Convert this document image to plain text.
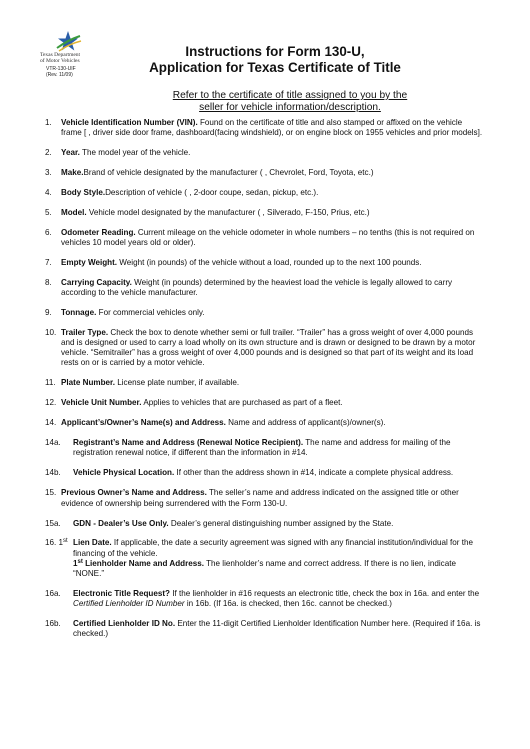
Texas Department
of Motor Vehicles
VTR-130-UIF
(Rev. 11/09)
Instructions for Form 130-U,
Application for Texas Certificate of Title
Refer to the certificate of title assigned to you by the
seller for vehicle information/description.
1.	Vehicle Identification Number (VIN). Found on the certificate of title and also stamped or affixed on the vehicle frame [ , driver side door frame, dashboard(facing windshield), or on engine block on 1955 vehicles and prior models].
2.	Year. The model year of the vehicle.
3.	Make.Brand of vehicle designated by the manufacturer ( , Chevrolet, Ford, Toyota, etc.)
4.	Body Style.Description of vehicle ( , 2-door coupe, sedan, pickup, etc.).
5.	Model. Vehicle model designated by the manufacturer ( , Silverado, F-150, Prius, etc.)
6.	Odometer Reading. Current mileage on the vehicle odometer in whole numbers – no tenths (this is not required on vehicles 10 model years old or older).
7.	Empty Weight. Weight (in pounds) of the vehicle without a load, rounded up to the next 100 pounds.
8.	Carrying Capacity. Weight (in pounds) determined by the heaviest load the vehicle is legally allowed to carry according to the vehicle manufacturer.
9.	Tonnage. For commercial vehicles only.
10. Trailer Type. Check the box to denote whether semi or full trailer. “Trailer” has a gross weight of over 4,000 pounds and is designed or used to carry a load wholly on its own structure and is drawn or designed to be drawn by a motor vehicle. “Semitrailer” has a gross weight of over 4,000 pounds and is designed so that part of its weight and its load rests on or is carried by a motor vehicle.
11. Plate Number. License plate number, if available.
12. Vehicle Unit Number. Applies to vehicles that are purchased as part of a fleet.
14. Applicant’s/Owner’s Name(s) and Address. Name and address of applicant(s)/owner(s).
14a.	Registrant’s Name and Address (Renewal Notice Recipient). The name and address for mailing of the registration renewal notice, if different than the information in #14.
14b.	Vehicle Physical Location. If other than the address shown in #14, indicate a complete physical address.
15. Previous Owner’s Name and Address. The seller’s name and address indicated on the assigned title or other evidence of ownership being surrendered with the Form 130-U.
15a.	GDN - Dealer’s Use Only. Dealer’s general distinguishing number assigned by the State.
16. 1st Lien Date. If applicable, the date a security agreement was signed with any financial institution/individual for the financing of the vehicle.
1st Lienholder Name and Address. The lienholder’s name and correct address. If there is no lien, indicate “NONE.”
16a.	Electronic Title Request? If the lienholder in #16 requests an electronic title, check the box in 16a. and enter the Certified Lienholder ID Number in 16b. (If 16a. is checked, then 16c. cannot be checked.)
16b.	Certified Lienholder ID No. Enter the 11-digit Certified Lienholder Identification Number here. (Required if 16a. is checked.)
